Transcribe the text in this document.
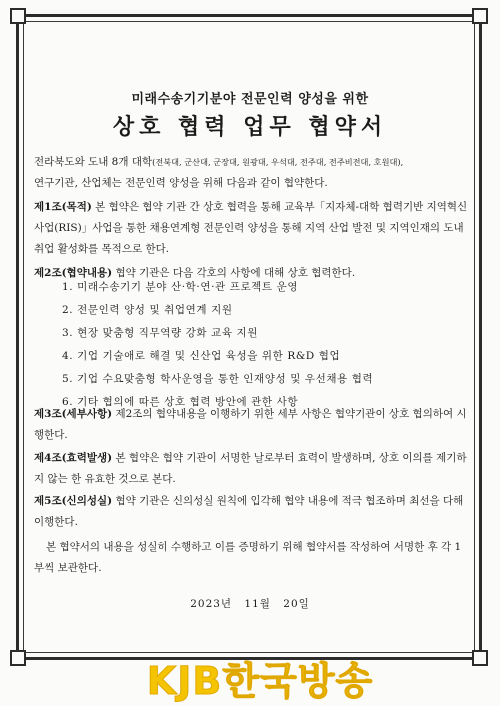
미래수송기기분야 전문인력 양성을 위한
상호 협력 업무 협약서
전라북도와 도내 8개 대학(전북대, 군산대, 군장대, 원광대, 우석대, 전주대, 전주비전대, 호원대),
연구기관, 산업체는 전문인력 양성을 위해 다음과 같이 협약한다.
제1조(목적) 본 협약은 협약 기관 간 상호 협력을 통해 교육부「지자체-대학 협력기반 지역혁신사업(RIS)」사업을 통한 채용연계형 전문인력 양성을 통해 지역 산업 발전 및 지역인재의 도내 취업 활성화를 목적으로 한다.
제2조(협약내용) 협약 기관은 다음 각호의 사항에 대해 상호 협력한다.
1. 미래수송기기 분야 산·학·연·관 프로젝트 운영
2. 전문인력 양성 및 취업연계 지원
3. 현장 맞춤형 직무역량 강화 교육 지원
4. 기업 기술애로 해결 및 신산업 육성을 위한 R&D 협업
5. 기업 수요맞춤형 학사운영을 통한 인재양성 및 우선채용 협력
6. 기타 협의에 따른 상호 협력 방안에 관한 사항
제3조(세부사항) 제2조의 협약내용을 이행하기 위한 세부 사항은 협약기관이 상호 협의하여 시행한다.
제4조(효력발생) 본 협약은 협약 기관이 서명한 날로부터 효력이 발생하며, 상호 이의를 제기하지 않는 한 유효한 것으로 본다.
제5조(신의성실) 협약 기관은 신의성실 원칙에 입각해 협약 내용에 적극 협조하며 최선을 다해 이행한다.
본 협약서의 내용을 성실히 수행하고 이를 증명하기 위해 협약서를 작성하여 서명한 후 각 1부씩 보관한다.
2023년 11월 20일
KJB한국방송
